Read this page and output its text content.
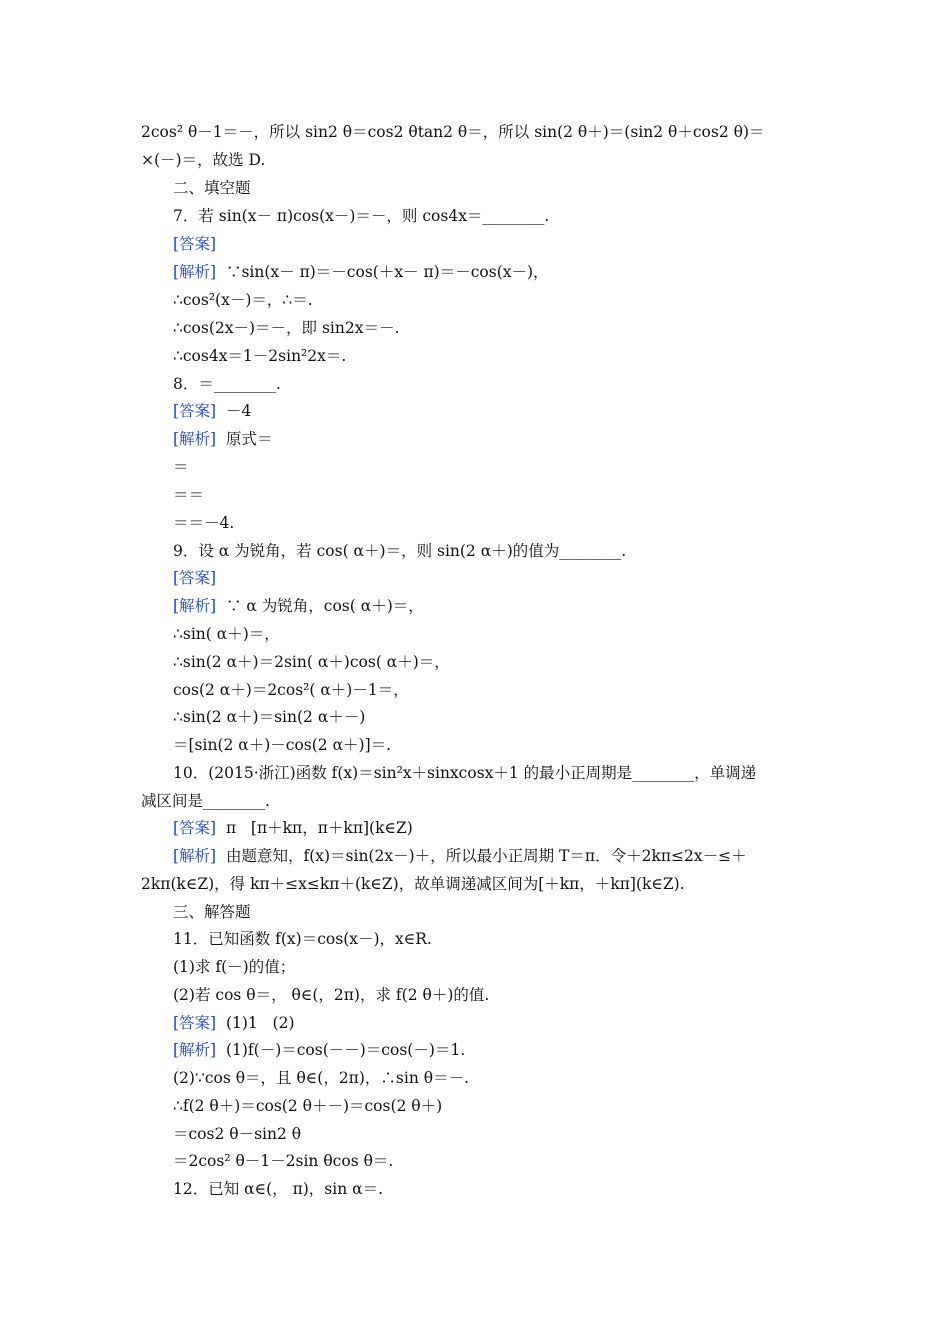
2cos² θ－1＝－，所以 sin2 θ＝cos2 θtan2 θ＝，所以 sin(2 θ＋)＝(sin2 θ＋cos2 θ)＝
×(－)＝，故选 D.
二、填空题
7．若 sin(x－ π)cos(x－)＝－，则 cos4x＝________.
[答案]
[解析]  ∵sin(x－ π)＝－cos(＋x－ π)＝－cos(x－)，
∴cos²(x－)＝，∴＝.
∴cos(2x－)＝－，即 sin2x＝－.
∴cos4x＝1－2sin²2x＝.
8．＝________.
[答案]  －4
[解析]  原式＝
＝
＝＝
＝＝－4.
9．设 α 为锐角，若 cos( α＋)＝，则 sin(2 α＋)的值为________.
[答案]
[解析]  ∵ α 为锐角，cos( α＋)＝，
∴sin( α＋)＝，
∴sin(2 α＋)＝2sin( α＋)cos( α＋)＝，
cos(2 α＋)＝2cos²( α＋)－1＝，
∴sin(2 α＋)＝sin(2 α＋－)
＝[sin(2 α＋)－cos(2 α＋)]＝.
10．(2015·浙江)函数 f(x)＝sin²x＋sinxcosx＋1 的最小正周期是________，单调递
减区间是________.
[答案]  π   [π＋kπ，π＋kπ](k∈Z)
[解析]  由题意知，f(x)＝sin(2x－)＋，所以最小正周期 T＝π．令＋2kπ≤2x－≤＋
2kπ(k∈Z)，得 kπ＋≤x≤kπ＋(k∈Z)，故单调递减区间为[＋kπ，＋kπ](k∈Z).
三、解答题
11．已知函数 f(x)＝cos(x－)，x∈R.
(1)求 f(－)的值；
(2)若 cos θ＝， θ∈(，2π)，求 f(2 θ＋)的值.
[答案]  (1)1   (2)
[解析]  (1)f(－)＝cos(－－)＝cos(－)＝1.
(2)∵cos θ＝，且 θ∈(，2π)，∴sin θ＝－.
∴f(2 θ＋)＝cos(2 θ＋－)＝cos(2 θ＋)
＝cos2 θ－sin2 θ
＝2cos² θ－1－2sin θcos θ＝.
12．已知 α∈(， π)，sin α＝.
